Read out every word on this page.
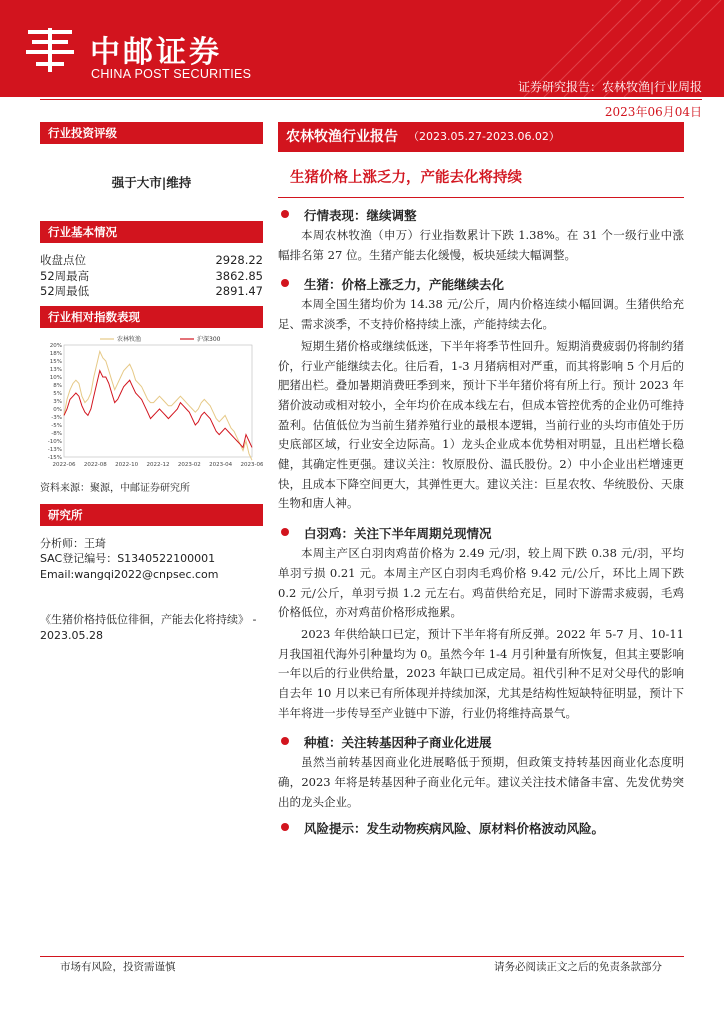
中邮证券
CHINA POST SECURITIES
证券研究报告：农林牧渔|行业周报
2023年06月04日
行业投资评级
强于大市|维持
行业基本情况
收盘点位	2928.22
52周最高	3862.85
52周最低	2891.47
行业相对指数表现
20%
18%
15%
13%
10%
8%
5%
3%
0%
-3%
-5%
-8%
-10%
-13%
-15%
2022-06 2022-08 2022-10 2022-12 2023-02 2023-04 2023-06
农林牧渔	沪深300
资料来源：聚源，中邮证券研究所
研究所
分析师：王琦
SAC登记编号：S1340522100001
Email:wangqi2022@cnpsec.com
《生猪价格持低位徘徊，产能去化将持续》 - 2023.05.28
农林牧渔行业报告 （2023.05.27-2023.06.02）
生猪价格上涨乏力，产能去化将持续
行情表现：继续调整
本周农林牧渔（申万）行业指数累计下跌 1.38%。在 31 个一级行业中涨幅排名第 27 位。生猪产能去化缓慢，板块延续大幅调整。
生猪：价格上涨乏力，产能继续去化
本周全国生猪均价为 14.38 元/公斤，周内价格连续小幅回调。生猪供给充足、需求淡季，不支持价格持续上涨，产能持续去化。
短期生猪价格或继续低迷，下半年将季节性回升。短期消费疲弱仍将制约猪价，行业产能继续去化。往后看，1-3 月猪病相对严重，而其将影响 5 个月后的肥猪出栏。叠加暑期消费旺季到来，预计下半年猪价将有所上行。预计 2023 年猪价波动或相对较小，全年均价在成本线左右，但成本管控优秀的企业仍可维持盈利。估值低位为当前生猪养殖行业的最根本逻辑，当前行业的头均市值处于历史底部区域，行业安全边际高。1）龙头企业成本优势相对明显，且出栏增长稳健，其确定性更强。建议关注：牧原股份、温氏股份。2）中小企业出栏增速更快，且成本下降空间更大，其弹性更大。建议关注：巨星农牧、华统股份、天康生物和唐人神。
白羽鸡：关注下半年周期兑现情况
本周主产区白羽肉鸡苗价格为 2.49 元/羽，较上周下跌 0.38 元/羽，平均单羽亏损 0.21 元。本周主产区白羽肉毛鸡价格 9.42 元/公斤，环比上周下跌 0.2 元/公斤，单羽亏损 1.2 元左右。鸡苗供给充足，同时下游需求疲弱，毛鸡价格低位，亦对鸡苗价格形成拖累。
2023 年供给缺口已定，预计下半年将有所反弹。2022 年 5-7 月、10-11 月我国祖代海外引种量均为 0。虽然今年 1-4 月引种量有所恢复，但其主要影响一年以后的行业供给量，2023 年缺口已成定局。祖代引种不足对父母代的影响自去年 10 月以来已有所体现并持续加深，尤其是结构性短缺特征明显，预计下半年将进一步传导至产业链中下游，行业仍将维持高景气。
种植：关注转基因种子商业化进展
虽然当前转基因商业化进展略低于预期，但政策支持转基因商业化态度明确，2023 年将是转基因种子商业化元年。建议关注技术储备丰富、先发优势突出的龙头企业。
风险提示：发生动物疾病风险、原材料价格波动风险。
市场有风险，投资需谨慎	请务必阅读正文之后的免责条款部分
